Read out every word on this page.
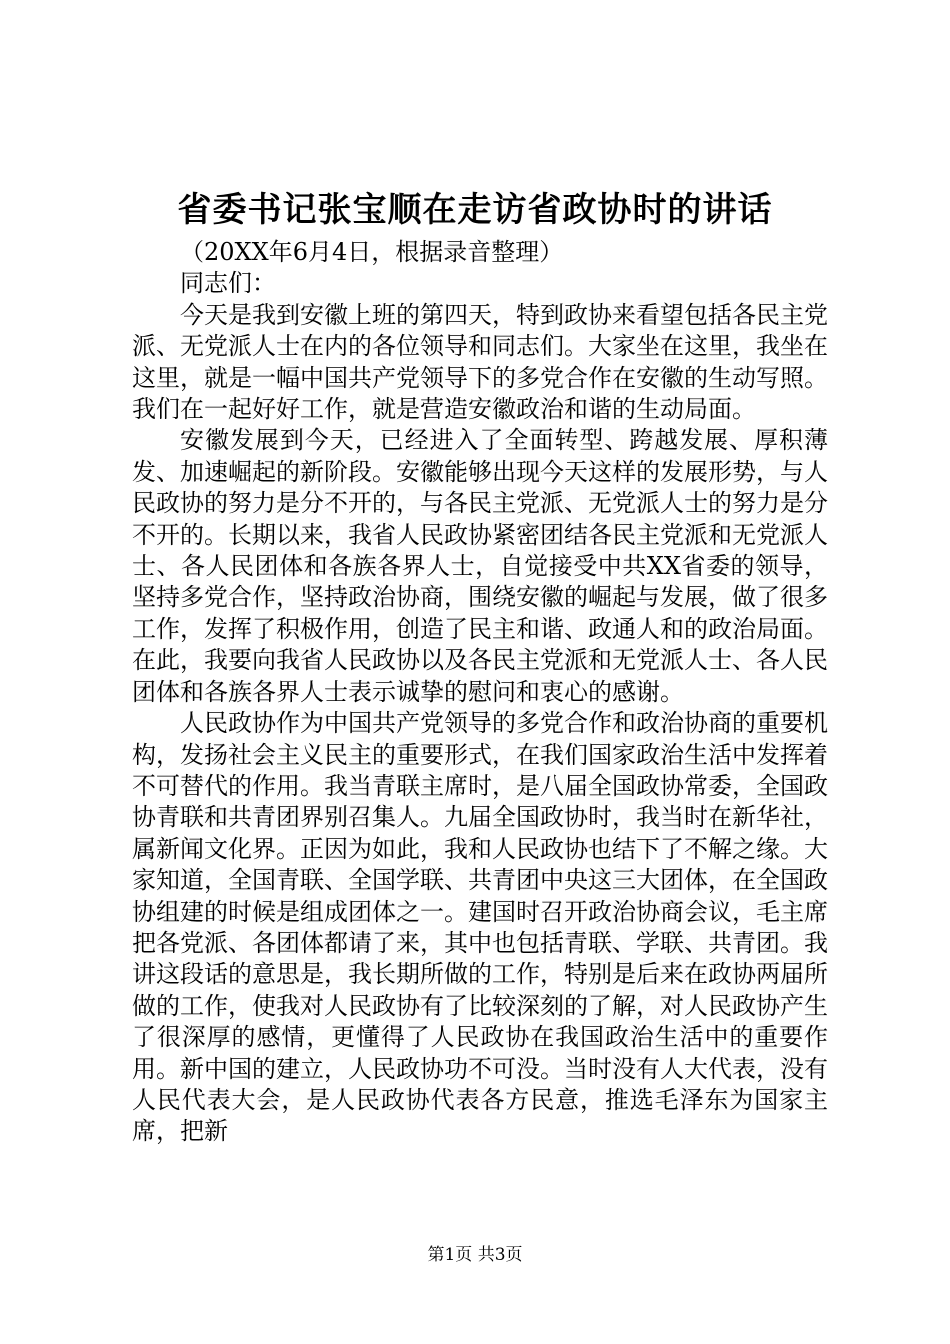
省委书记张宝顺在走访省政协时的讲话

（20XX年6月4日，根据录音整理）

同志们：

今天是我到安徽上班的第四天，特到政协来看望包括各民主党派、无党派人士在内的各位领导和同志们。大家坐在这里，我坐在这里，就是一幅中国共产党领导下的多党合作在安徽的生动写照。我们在一起好好工作，就是营造安徽政治和谐的生动局面。

安徽发展到今天，已经进入了全面转型、跨越发展、厚积薄发、加速崛起的新阶段。安徽能够出现今天这样的发展形势，与人民政协的努力是分不开的，与各民主党派、无党派人士的努力是分不开的。长期以来，我省人民政协紧密团结各民主党派和无党派人士、各人民团体和各族各界人士，自觉接受中共XX省委的领导，坚持多党合作，坚持政治协商，围绕安徽的崛起与发展，做了很多工作，发挥了积极作用，创造了民主和谐、政通人和的政治局面。在此，我要向我省人民政协以及各民主党派和无党派人士、各人民团体和各族各界人士表示诚挚的慰问和衷心的感谢。

人民政协作为中国共产党领导的多党合作和政治协商的重要机构，发扬社会主义民主的重要形式，在我们国家政治生活中发挥着不可替代的作用。我当青联主席时，是八届全国政协常委，全国政协青联和共青团界别召集人。九届全国政协时，我当时在新华社，属新闻文化界。正因为如此，我和人民政协也结下了不解之缘。大家知道，全国青联、全国学联、共青团中央这三大团体，在全国政协组建的时候是组成团体之一。建国时召开政治协商会议，毛主席把各党派、各团体都请了来，其中也包括青联、学联、共青团。我讲这段话的意思是，我长期所做的工作，特别是后来在政协两届所做的工作，使我对人民政协有了比较深刻的了解，对人民政协产生了很深厚的感情，更懂得了人民政协在我国政治生活中的重要作用。新中国的建立，人民政协功不可没。当时没有人大代表，没有人民代表大会，是人民政协代表各方民意，推选毛泽东为国家主席，把新

第1页 共3页
